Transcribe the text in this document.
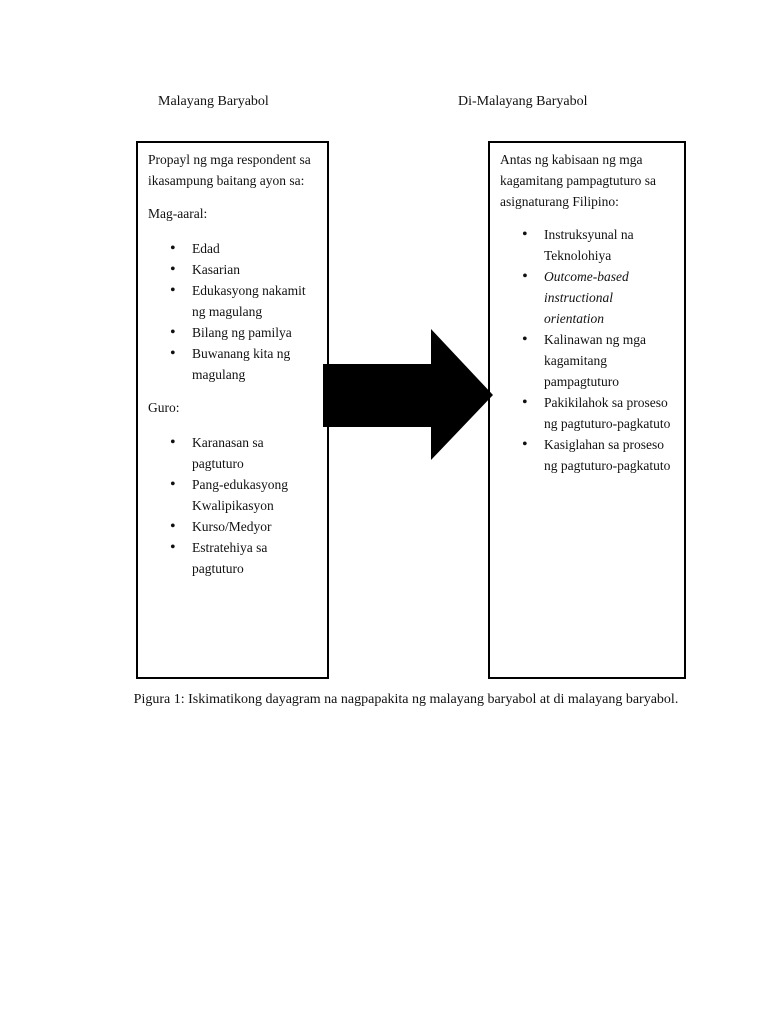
Malayang Baryabol	Di-Malayang Baryabol

Propayl ng mga respondent sa ikasampung baitang ayon sa:

Mag-aaral:

• Edad
• Kasarian
• Edukasyong nakamit ng magulang
• Bilang ng pamilya
• Buwanang kita ng magulang

Guro:

• Karanasan sa pagtuturo
• Pang-edukasyong Kwalipikasyon
• Kurso/Medyor
• Estratehiya sa pagtuturo

Antas ng kabisaan ng mga kagamitang pampagtuturo sa asignaturang Filipino:

• Instruksyunal na Teknolohiya
• Outcome-based instructional orientation
• Kalinawan ng mga kagamitang pampagtuturo
• Pakikilahok sa proseso ng pagtuturo-pagkatuto
• Kasiglahan sa proseso ng pagtuturo-pagkatuto
Pigura 1: Iskimatikong dayagram na nagpapakita ng malayang baryabol at di malayang baryabol.
